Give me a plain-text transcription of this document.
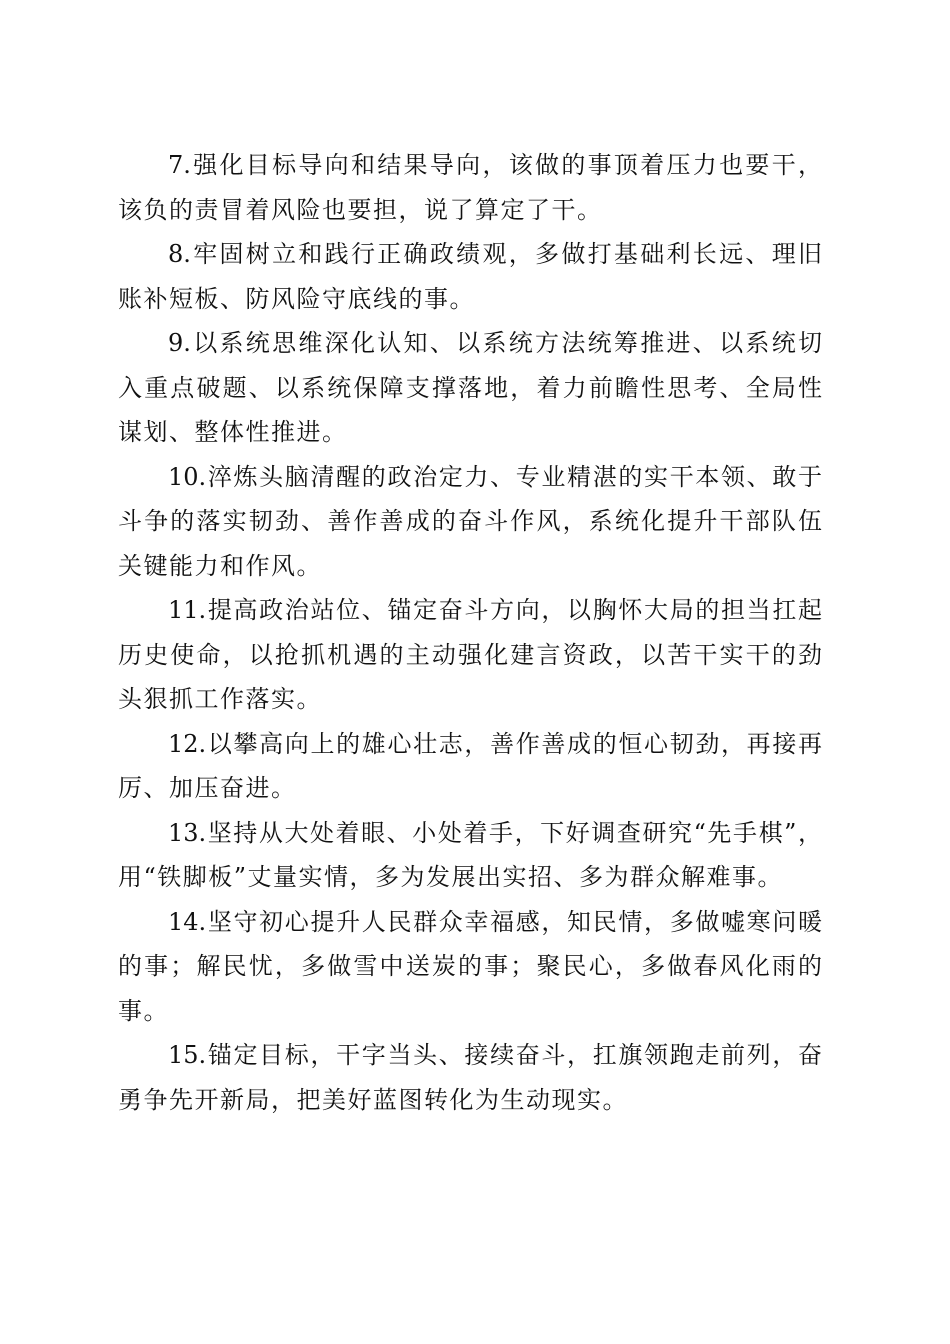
7.强化目标导向和结果导向，该做的事顶着压力也要干，
该负的责冒着风险也要担，说了算定了干。
8.牢固树立和践行正确政绩观，多做打基础利长远、理旧
账补短板、防风险守底线的事。
9.以系统思维深化认知、以系统方法统筹推进、以系统切
入重点破题、以系统保障支撑落地，着力前瞻性思考、全局性
谋划、整体性推进。
10.淬炼头脑清醒的政治定力、专业精湛的实干本领、敢于
斗争的落实韧劲、善作善成的奋斗作风，系统化提升干部队伍
关键能力和作风。
11.提高政治站位、锚定奋斗方向，以胸怀大局的担当扛起
历史使命，以抢抓机遇的主动强化建言资政，以苦干实干的劲
头狠抓工作落实。
12.以攀高向上的雄心壮志，善作善成的恒心韧劲，再接再
厉、加压奋进。
13.坚持从大处着眼、小处着手，下好调查研究“先手棋”，
用“铁脚板”丈量实情，多为发展出实招、多为群众解难事。
14.坚守初心提升人民群众幸福感，知民情，多做嘘寒问暖
的事；解民忧，多做雪中送炭的事；聚民心，多做春风化雨的
事。
15.锚定目标，干字当头、接续奋斗，扛旗领跑走前列，奋
勇争先开新局，把美好蓝图转化为生动现实。
